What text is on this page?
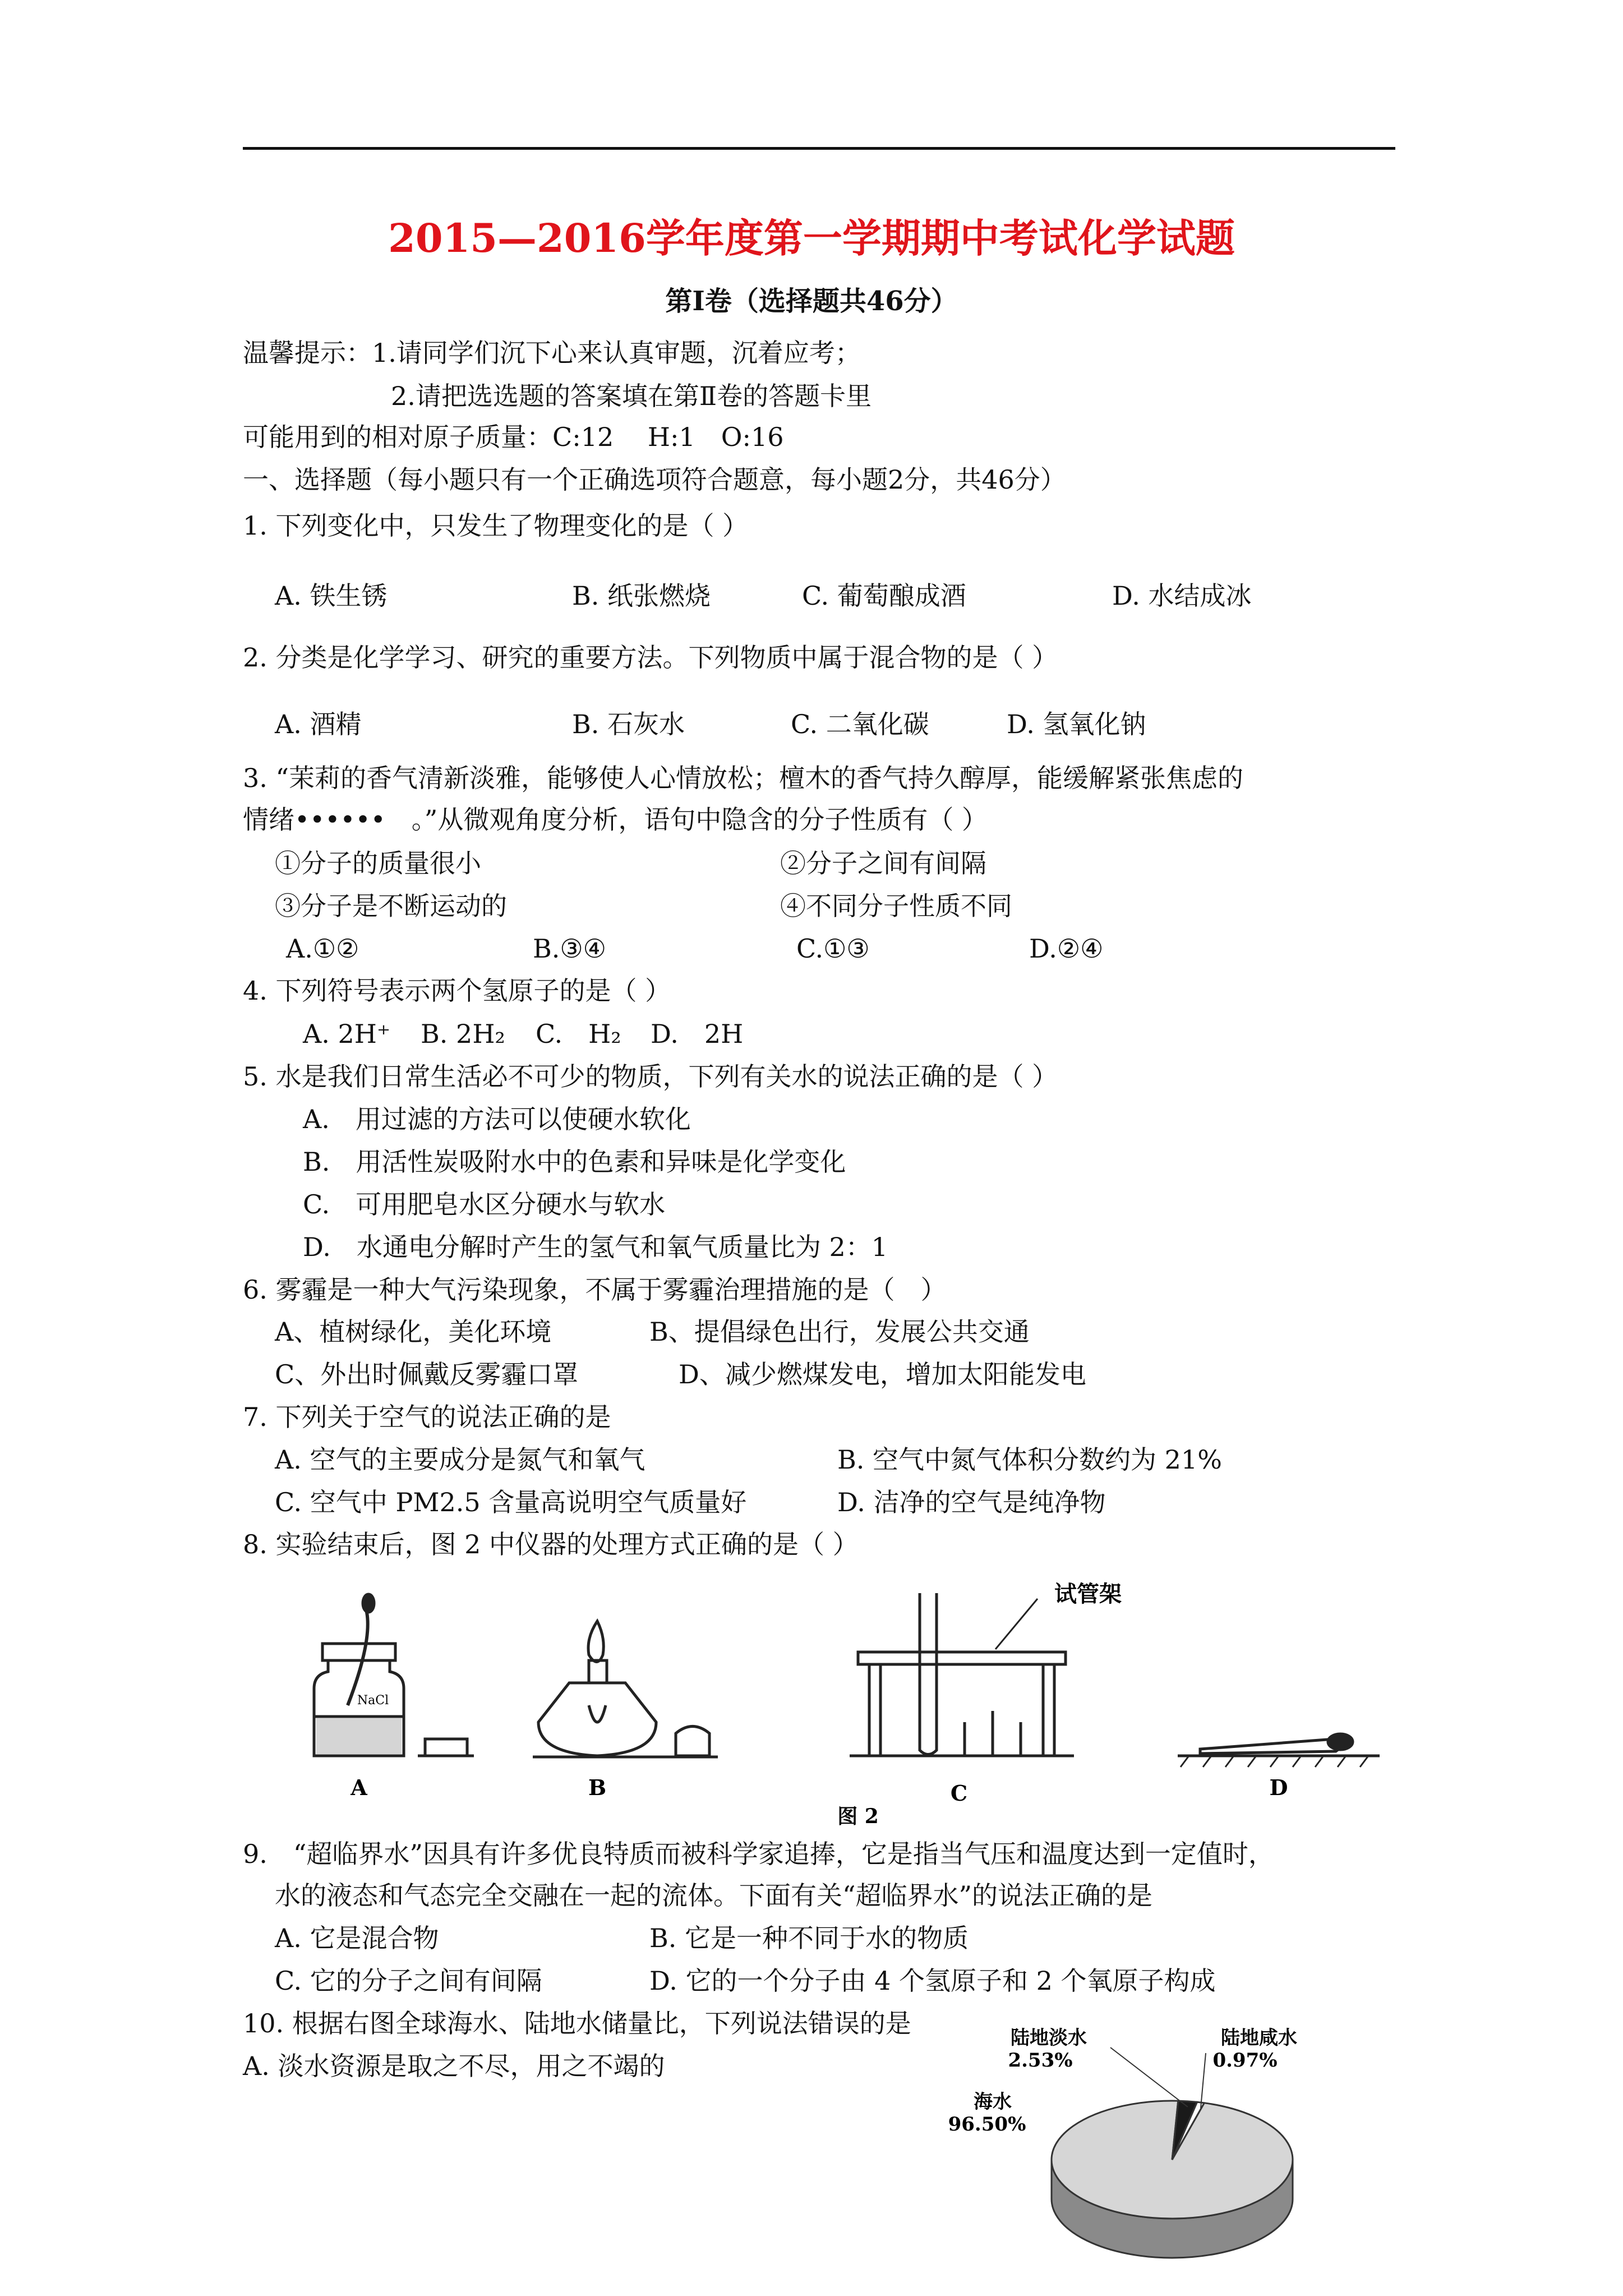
2015—2016学年度第一学期期中考试化学试题
第Ⅰ卷（选择题共46分）
温馨提示：1.请同学们沉下心来认真审题，沉着应考；
2.请把选选题的答案填在第Ⅱ卷的答题卡里
可能用到的相对原子质量：C:12　 H:1　O:16
一、选择题（每小题只有一个正确选项符合题意，每小题2分，共46分）
1. 下列变化中，只发生了物理变化的是（ ）
A. 铁生锈	B. 纸张燃烧	C. 葡萄酿成酒	D. 水结成冰
2. 分类是化学学习、研究的重要方法。下列物质中属于混合物的是（ ）
A. 酒精	B. 石灰水	C. 二氧化碳	D. 氢氧化钠
3. “茉莉的香气清新淡雅，能够使人心情放松；檀木的香气持久醇厚，能缓解紧张焦虑的
情绪••••••　。”从微观角度分析，语句中隐含的分子性质有（ ）
①分子的质量很小	②分子之间有间隔
③分子是不断运动的	④不同分子性质不同
A.①②	B.③④	C.①③	D.②④
4. 下列符号表示两个氢原子的是（ ）
A. 2H⁺ B. 2H₂ C.　H₂ D.　2H
5. 水是我们日常生活必不可少的物质，下列有关水的说法正确的是（ ）
A.　用过滤的方法可以使硬水软化
B.　用活性炭吸附水中的色素和异味是化学变化
C.　可用肥皂水区分硬水与软水
D.　水通电分解时产生的氢气和氧气质量比为 2：1
6. 雾霾是一种大气污染现象，不属于雾霾治理措施的是（　）
A、植树绿化，美化环境	B、提倡绿色出行，发展公共交通
C、外出时佩戴反雾霾口罩	D、减少燃煤发电，增加太阳能发电
7. 下列关于空气的说法正确的是
A. 空气的主要成分是氮气和氧气	B. 空气中氮气体积分数约为 21%
C. 空气中 PM2.5 含量高说明空气质量好	D. 洁净的空气是纯净物
8. 实验结束后，图 2 中仪器的处理方式正确的是（ ）
NaCl
A	B
试管架
C	D
图 2
9.　“超临界水”因具有许多优良特质而被科学家追捧，它是指当气压和温度达到一定值时，
水的液态和气态完全交融在一起的流体。下面有关“超临界水”的说法正确的是
A. 它是混合物	B. 它是一种不同于水的物质
C. 它的分子之间有间隔	D. 它的一个分子由 4 个氢原子和 2 个氧原子构成
10. 根据右图全球海水、陆地水储量比，下列说法错误的是
A. 淡水资源是取之不尽，用之不竭的
陆地淡水
2.53%
陆地咸水
0.97%
海水
96.50%
